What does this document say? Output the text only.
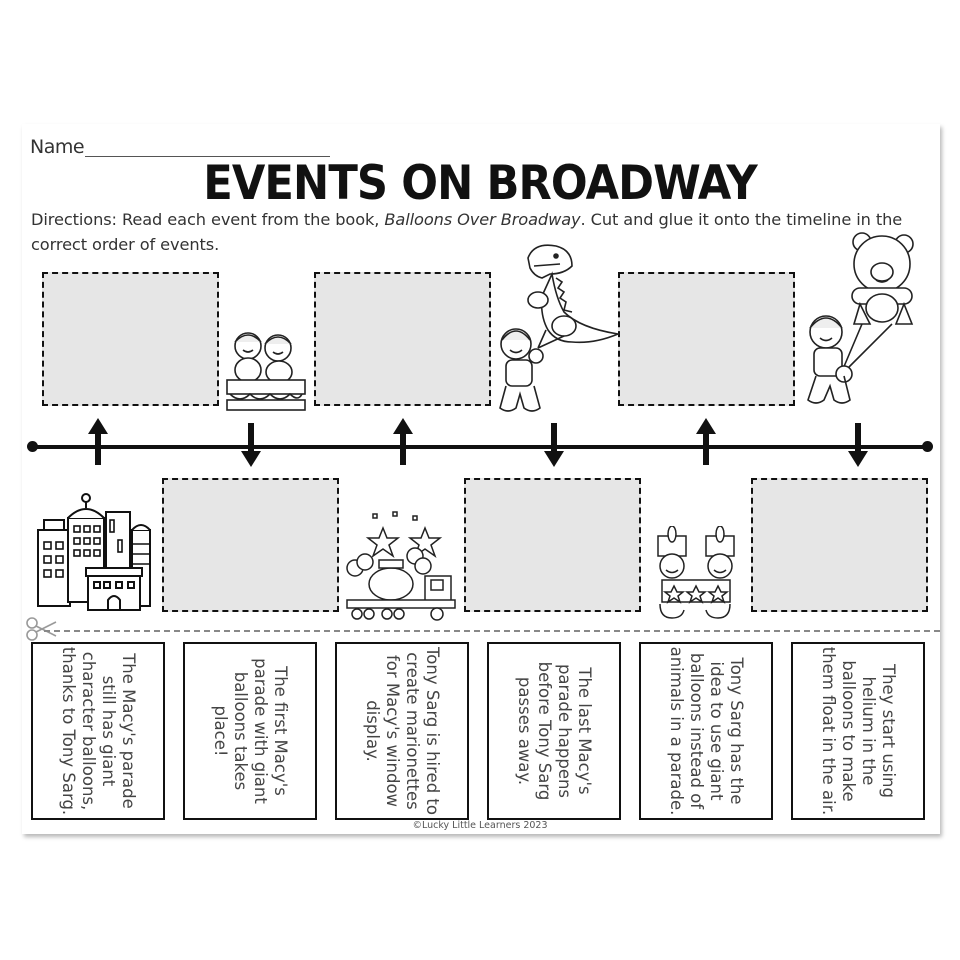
Name
EVENTS ON BROADWAY
Directions: Read each event from the book, Balloons Over Broadway. Cut and glue it onto the timeline in the correct order of events.
The Macy's parade still has giant character balloons, thanks to Tony Sarg.	The first Macy's parade with giant balloons takes place!	Tony Sarg is hired to create marionettes for Macy's window display.	The last Macy's parade happens before Tony Sarg passes away.	Tony Sarg has the idea to use giant balloons instead of animals in a parade.	They start using helium in the balloons to make them float in the air.
©Lucky Little Learners 2023
